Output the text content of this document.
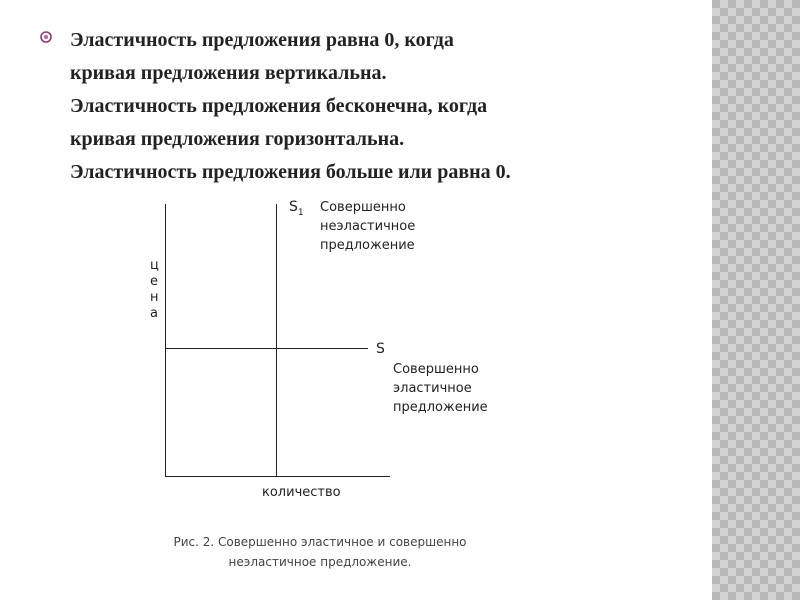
Эластичность предложения равна 0, когда
кривая предложения вертикальна.
Эластичность предложения бесконечна, когда
кривая предложения горизонтальна.
Эластичность предложения больше или равна 0.
ц
е
н
а
количество
$S_1$ Совершенно
неэластичное
предложение
S
Совершенно
эластичное
предложение
Рис. 2. Совершенно эластичное и совершенно
неэластичное предложение.
